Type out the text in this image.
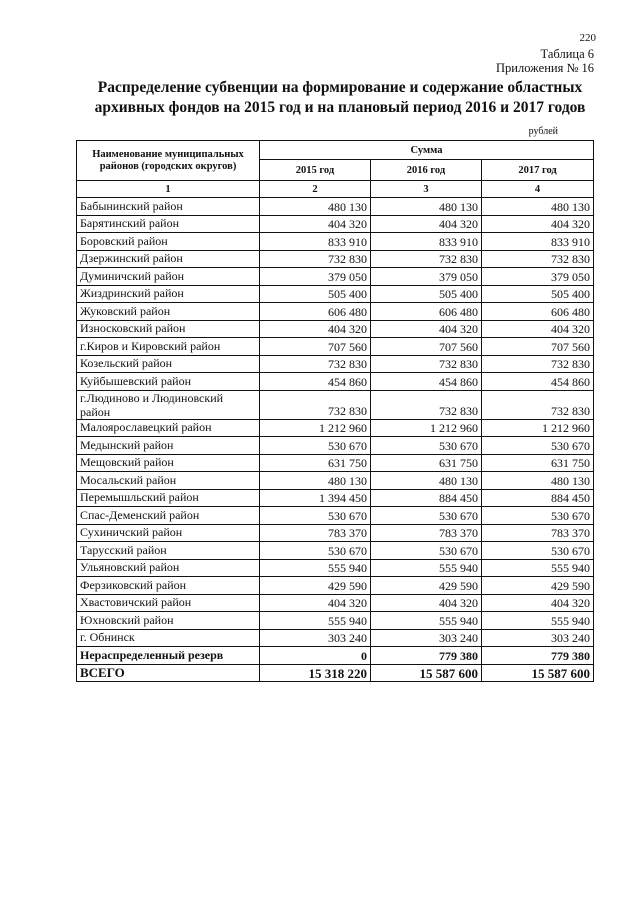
220
Таблица 6
Приложения № 16
Распределение субвенции на формирование и содержание областных
архивных фондов на 2015 год и на плановый период 2016 и 2017 годов
рублей
Наименование муниципальных районов (городских округов)	Сумма		
	2015 год	2016 год	2017 год
1	2	3	4
Бабынинский район	480 130	480 130	480 130
Барятинский район	404 320	404 320	404 320
Боровский район	833 910	833 910	833 910
Дзержинский район	732 830	732 830	732 830
Думиничский район	379 050	379 050	379 050
Жиздринский район	505 400	505 400	505 400
Жуковский район	606 480	606 480	606 480
Износковский район	404 320	404 320	404 320
г.Киров и Кировский район	707 560	707 560	707 560
Козельский район	732 830	732 830	732 830
Куйбышевский район	454 860	454 860	454 860
г.Людиново и Людиновский район	732 830	732 830	732 830
Малоярославецкий район	1 212 960	1 212 960	1 212 960
Медынский район	530 670	530 670	530 670
Мещовский район	631 750	631 750	631 750
Мосальский район	480 130	480 130	480 130
Перемышльский район	1 394 450	884 450	884 450
Спас-Деменский район	530 670	530 670	530 670
Сухиничский район	783 370	783 370	783 370
Тарусский район	530 670	530 670	530 670
Ульяновский район	555 940	555 940	555 940
Ферзиковский район	429 590	429 590	429 590
Хвастовичский район	404 320	404 320	404 320
Юхновский район	555 940	555 940	555 940
г. Обнинск	303 240	303 240	303 240
Нераспределенный резерв	0	779 380	779 380
ВСЕГО	15 318 220	15 587 600	15 587 600
